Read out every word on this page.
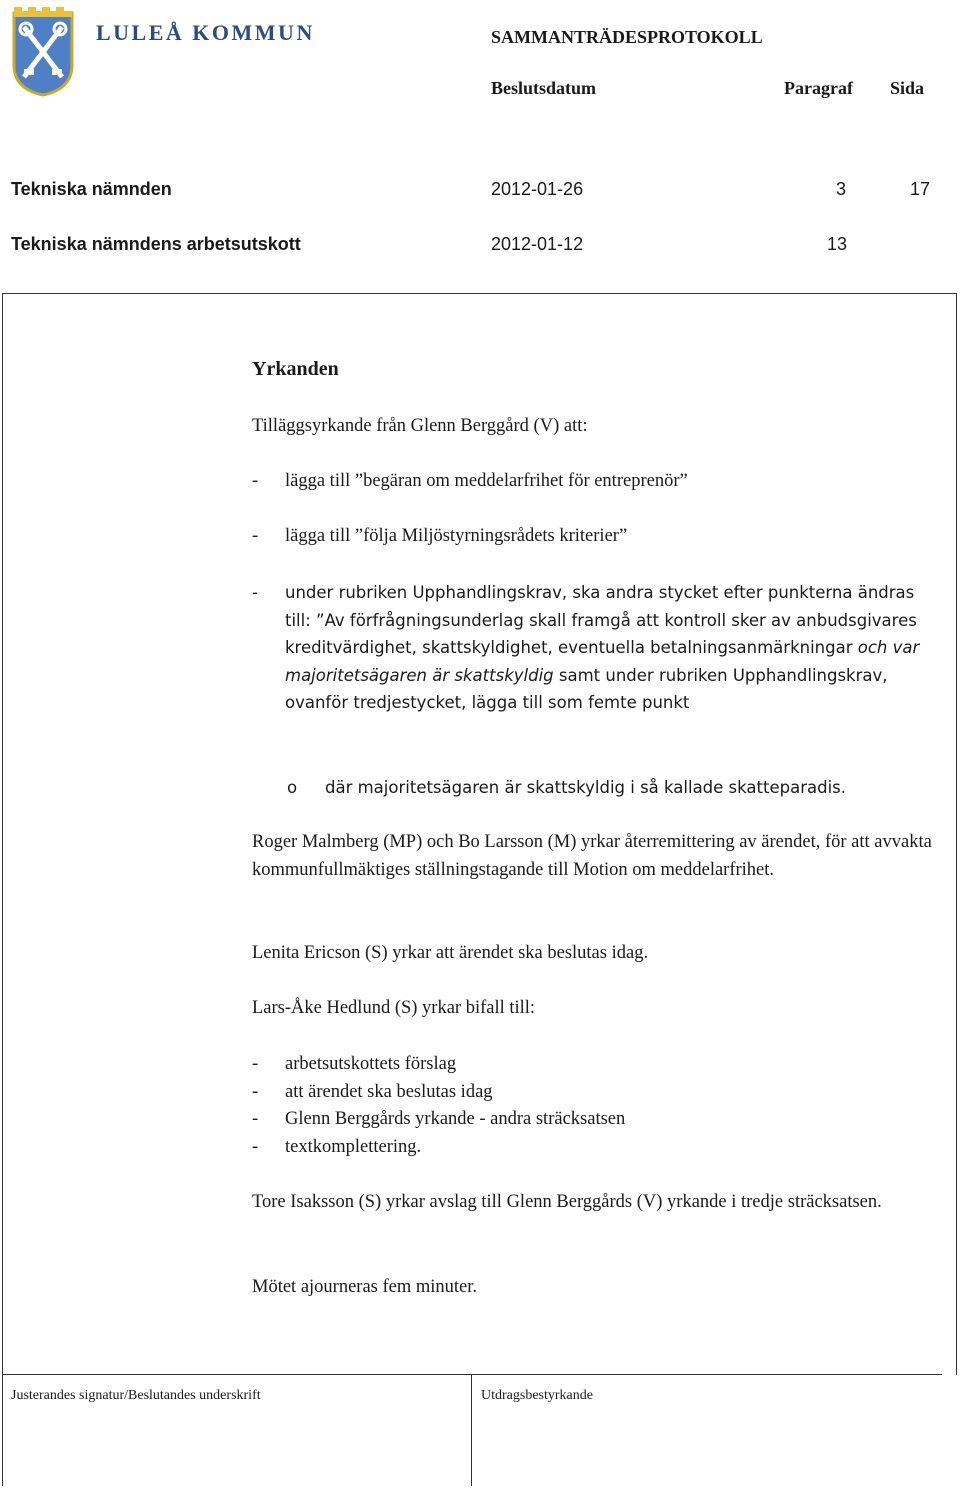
LULEÅ KOMMUN	SAMMANTRÄDESPROTOKOLL
Beslutsdatum	Paragraf Sida
Tekniska nämnden	2012-01-26	3	17
Tekniska nämndens arbetsutskott	2012-01-12	13

Yrkanden

Tilläggsyrkande från Glenn Berggård (V) att:

- lägga till ”begäran om meddelarfrihet för entreprenör”

- lägga till ”följa Miljöstyrningsrådets kriterier”

- under rubriken Upphandlingskrav, ska andra stycket efter punkterna ändras till: ”Av förfrågningsunderlag skall framgå att kontroll sker av anbudsgivares kreditvärdighet, skattskyldighet, eventuella betalningsanmärkningar och var majoritetsägaren är skattskyldig samt under rubriken Upphandlingskrav, ovanför tredjestycket, lägga till som femte punkt

o där majoritetsägaren är skattskyldig i så kallade skatteparadis.

Roger Malmberg (MP) och Bo Larsson (M) yrkar återremittering av ärendet, för att avvakta kommunfullmäktiges ställningstagande till Motion om meddelarfrihet.

Lenita Ericson (S) yrkar att ärendet ska beslutas idag.

Lars-Åke Hedlund (S) yrkar bifall till:

- arbetsutskottets förslag

- att ärendet ska beslutas idag

- Glenn Berggårds yrkande - andra sträcksatsen

- textkomplettering.

Tore Isaksson (S) yrkar avslag till Glenn Berggårds (V) yrkande i tredje sträcksatsen.

Mötet ajourneras fem minuter.

Justerandes signatur/Beslutandes underskrift	Utdragsbestyrkande
